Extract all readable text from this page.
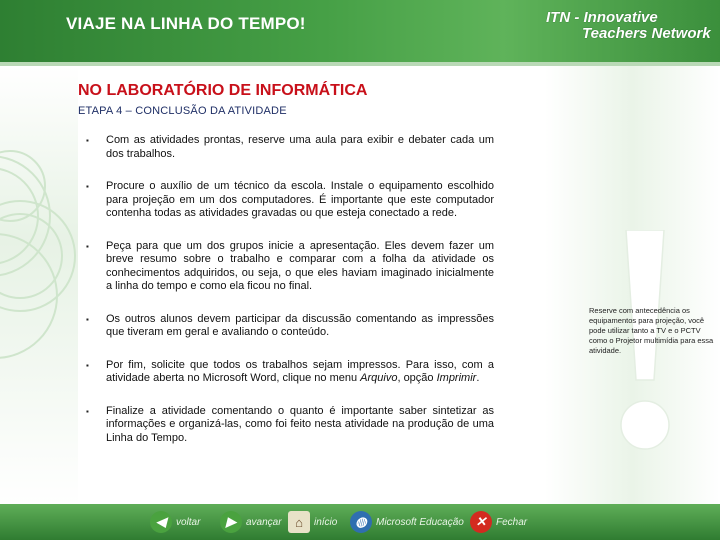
VIAJE NA LINHA DO TEMPO!	ITN - Innovative
Teachers Network
NO LABORATÓRIO DE INFORMÁTICA
ETAPA 4 – CONCLUSÃO DA ATIVIDADE
▪ Com as atividades prontas, reserve uma aula para exibir e debater cada um dos trabalhos.
▪ Procure o auxílio de um técnico da escola. Instale o equipamento escolhido para projeção em um dos computadores. É importante que este computador contenha todas as atividades gravadas ou que esteja conectado a rede.
▪ Peça para que um dos grupos inicie a apresentação. Eles devem fazer um breve resumo sobre o trabalho e comparar com a folha da atividade os conhecimentos adquiridos, ou seja, o que eles haviam imaginado inicialmente a linha do tempo e como ela ficou no final.
▪ Os outros alunos devem participar da discussão comentando as impressões que tiveram em geral e avaliando o conteúdo.
▪ Por fim, solicite que todos os trabalhos sejam impressos. Para isso, com a atividade aberta no Microsoft Word, clique no menu Arquivo, opção Imprimir.
▪ Finalize a atividade comentando o quanto é importante saber sintetizar as informações e organizá-las, como foi feito nesta atividade na produção de uma Linha do Tempo.
Reserve com antecedência os equipamentos para projeção, você pode utilizar tanto a TV e o PCTV como o Projetor multimídia para essa atividade.
◀	voltar	▶	avançar	⌂	início	◍ Microsoft Educação ✕ Fechar
